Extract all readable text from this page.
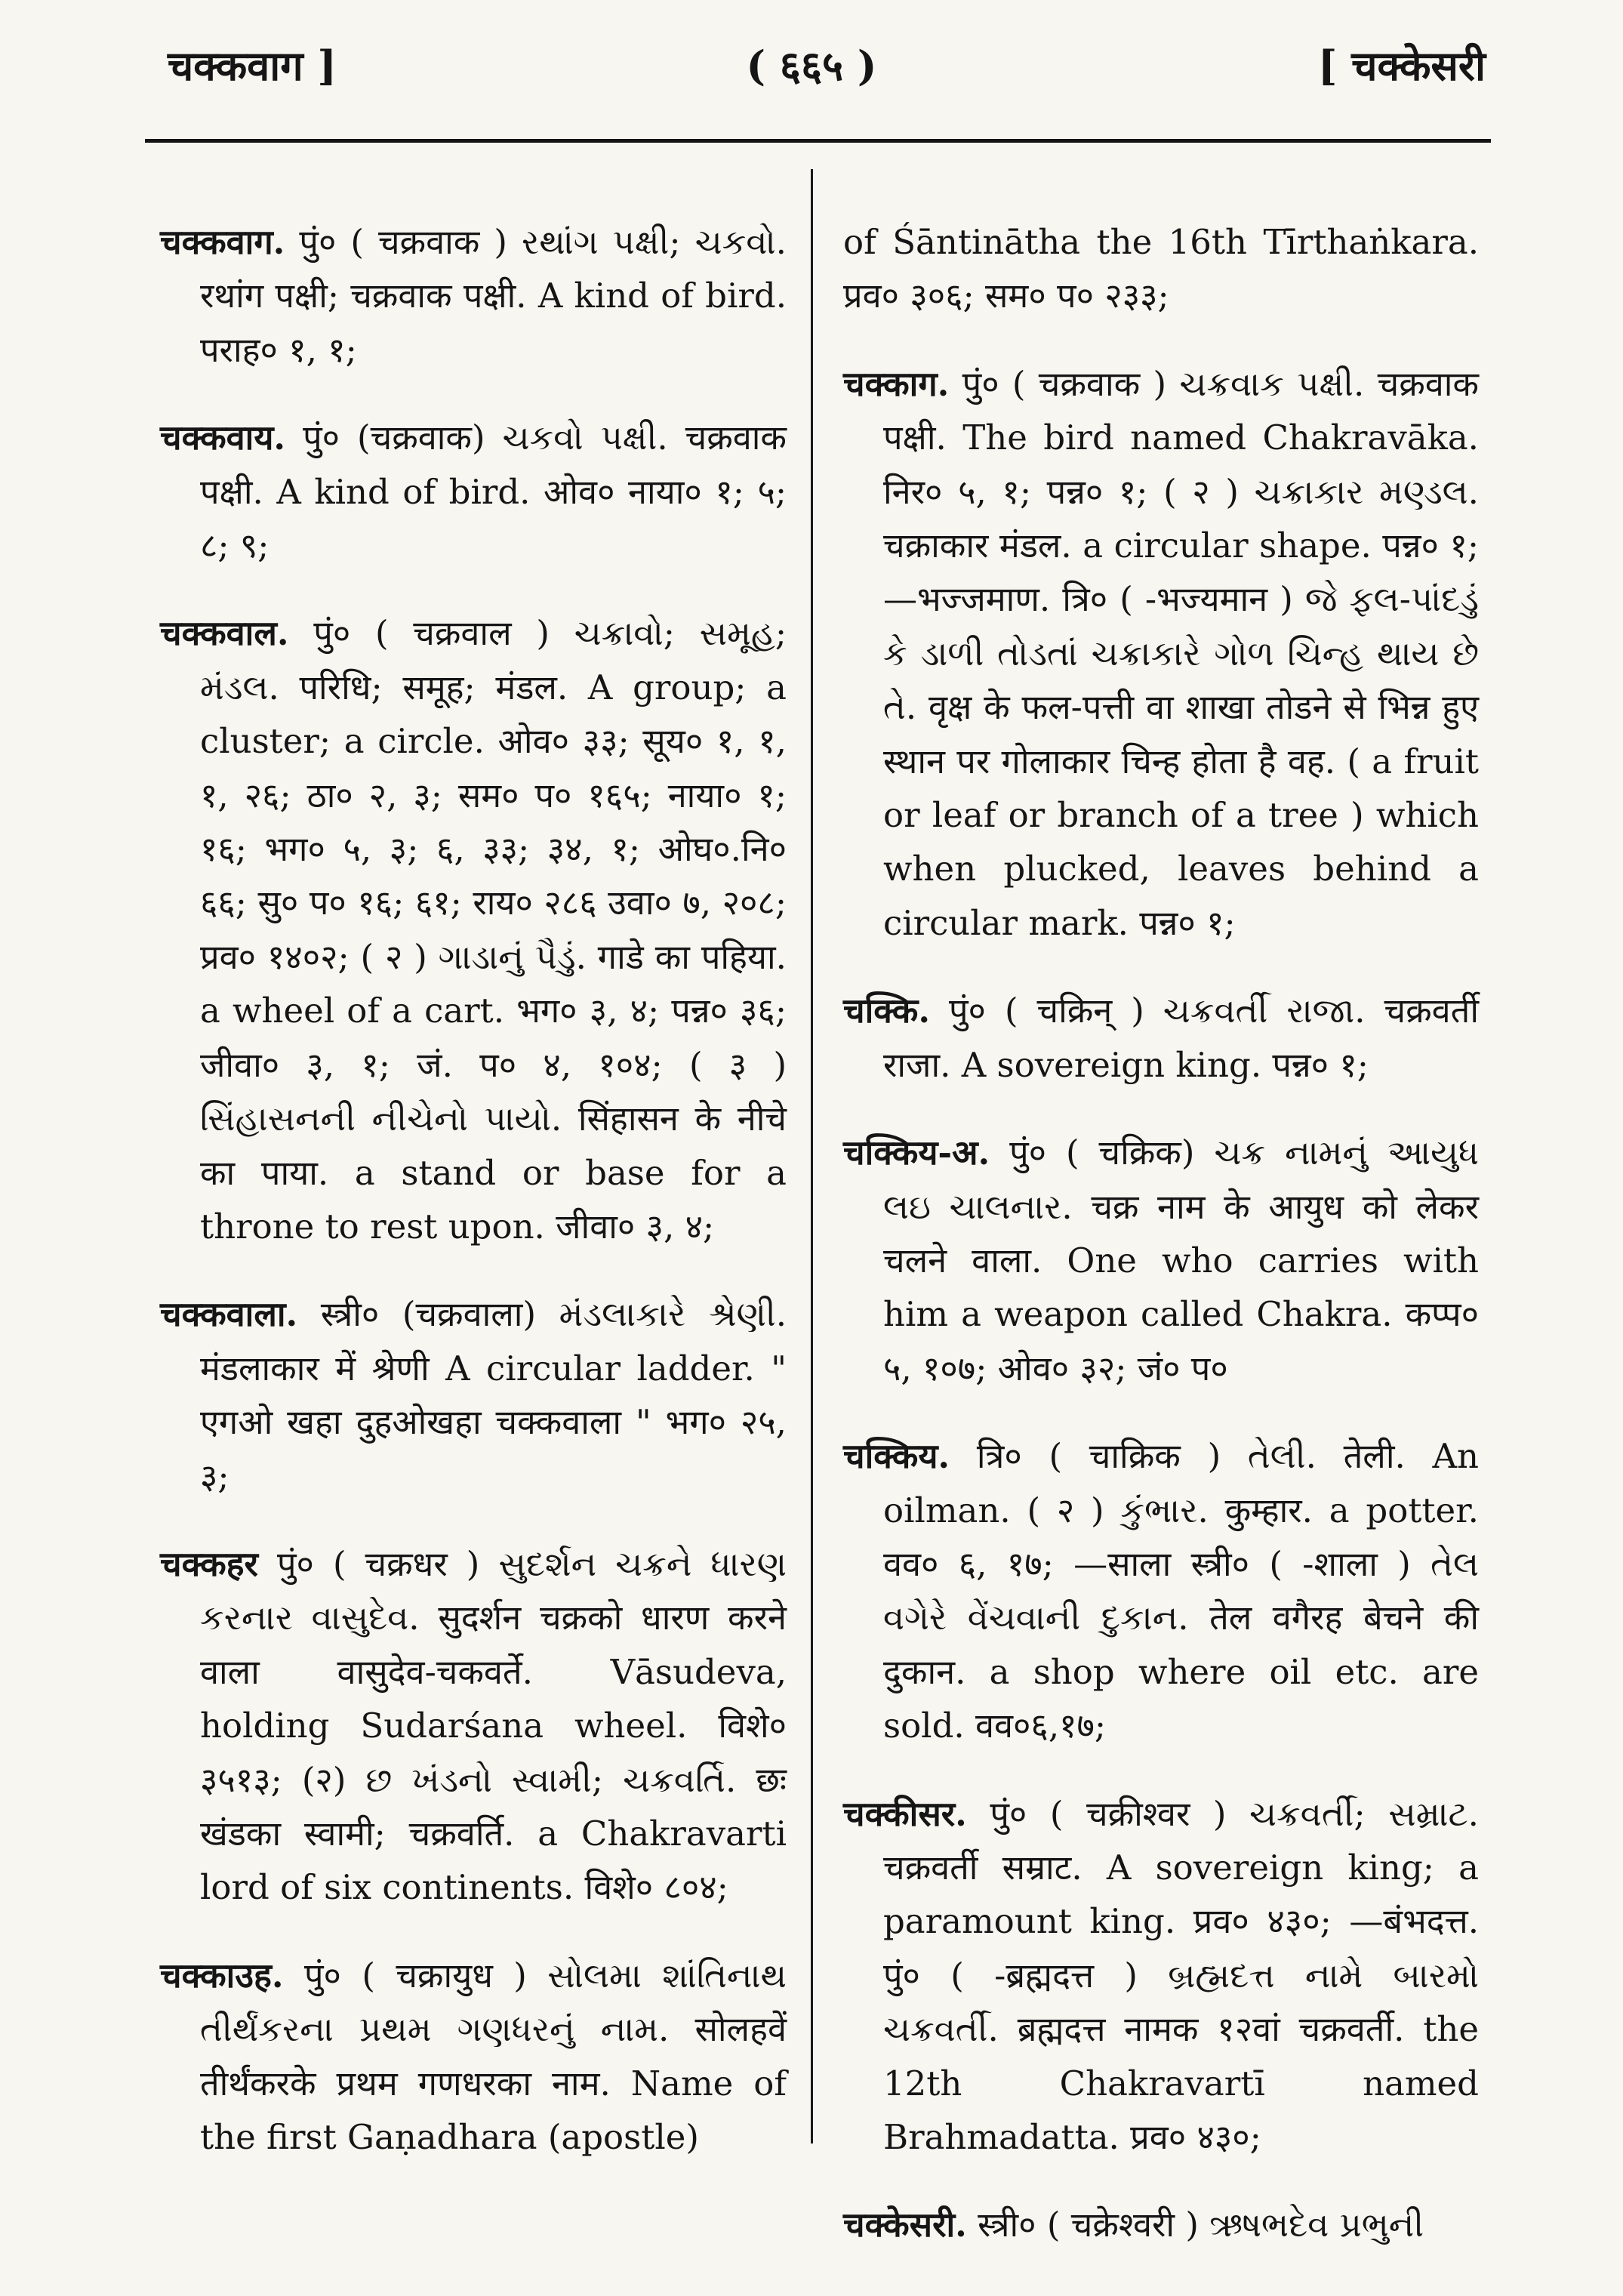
चक्कवाग ]	( ६६५ )	[ चक्केसरी

चक्कवाग. पुं० ( चक्रवाक ) રથાંગ પક્ષી; ચકવો. रथांग पक्षी; चक्रवाक पक्षी. A kind of bird. पराह० १, १;

चक्कवाय. पुं० (चक्रवाक) ચકવો પક્ષી. चक्रवाक पक्षी. A kind of bird. ओव० नाया० १; ५; ८; ९;

चक्कवाल. पुं० ( चक्रवाल ) ચક્રાવો; સમૂહ; મંડલ. परिधि; समूह; मंडल. A group; a cluster; a circle. ओव० ३३; सूय० १, १, १, २६; ठा० २, ३; सम० प० १६५; नाया० १; १६; भग० ५, ३; ६, ३३; ३४, १; ओघ०.नि० ६६; सु० प० १६; ६१; राय० २८६ उवा० ७, २०८; प्रव० १४०२; ( २ ) ગાડાનું પૈડું. गाडे का पहिया. a wheel of a cart. भग० ३, ४; पन्न० ३६; जीवा० ३, १; जं. प० ४, १०४; ( ३ ) સિંહાસનની નીચેનો પાયો. सिंहासन के नीचे का पाया. a stand or base for a throne to rest upon. जीवा० ३, ४;

चक्कवाला. स्त्री० (चक्रवाला) મંડલાકારે શ્રેણી. मंडलाकार में श्रेणी A circular ladder. " एगओ खहा दुहओखहा चक्कवाला " भग० २५, ३;

चक्कहर पुं० ( चक्रधर ) સુદર્શન ચક્રને ધારણ કરનાર વાસુદેવ. सुदर्शन चक्रको धारण करने वाला वासुदेव-चकवर्ते. Vāsudeva, holding Sudarśana wheel. विशे० ३५१३; (२) છ ખંડનો સ્વામી; ચક્રવર્તિ. छः खंडका स्वामी; चक्रवर्ति. a Chakravarti lord of six continents. विशे० ८०४;

चक्काउह. पुं० ( चक्रायुध ) સોલમા શાંતિનાથ તીર્થંકરના પ્રથમ ગણધરનું નામ. सोलहवें तीर्थंकरके प्रथम गणधरका नाम. Name of the first Gaṇadhara (apostle)

of Śāntinātha the 16th Tīrthaṅkara. प्रव० ३०६; सम० प० २३३;

चक्काग. पुं० ( चक्रवाक ) ચક્રવાક પક્ષી. चक्रवाक पक्षी. The bird named Chakravāka. निर० ५, १; पन्न० १; ( २ ) ચક્રાકાર મણ્ડલ. चक्राकार मंडल. a circular shape. पन्न० १; —भज्जमाण. त्रि० ( -भज्यमान ) જે ફલ-પાંદડું કે ડાળી તોડતાં ચક્રાકારે ગોળ ચિન્હ થાય છે તે. वृक्ष के फल-पत्ती वा शाखा तोडने से भिन्न हुए स्थान पर गोलाकार चिन्ह होता है वह. ( a fruit or leaf or branch of a tree ) which when plucked, leaves behind a circular mark. पन्न० १;

चक्कि. पुं० ( चक्रिन् ) ચક્રવર્તી રાજા. चक्रवर्ती राजा. A sovereign king. पन्न० १;

चक्किय-अ. पुं० ( चक्रिक) ચક્ર નામનું આયુધ લઇ ચાલનાર. चक्र नाम के आयुध को लेकर चलने वाला. One who carries with him a weapon called Chakra. कप्प० ५, १०७; ओव० ३२; जं० प०

चक्किय. त्रि० ( चाक्रिक ) તેલી. तेली. An oilman. ( २ ) કુંભાર. कुम्हार. a potter. वव० ६, १७; —साला स्त्री० ( -शाला ) તેલ વગેરે વેંચવાની દુકાન. तेल वगैरह बेचने की दुकान. a shop where oil etc. are sold. वव०६,१७;

चक्कीसर. पुं० ( चक्रीश्वर ) ચક્રવર્તી; સમ્રાટ. चक्रवर्ती सम्राट. A sovereign king; a paramount king. प्रव० ४३०; —बंभदत्त. पुं० ( -ब्रह्मदत्त ) બ્રહ્મદત્ત નામે બારમો ચક્રવર્તી. ब्रह्मदत्त नामक १२वां चक्रवर्ती. the 12th Chakravartī named Brahmadatta. प्रव० ४३०;

चक्केसरी. स्त्री० ( चक्रेश्वरी ) ઋષભદેવ પ્રભુની
